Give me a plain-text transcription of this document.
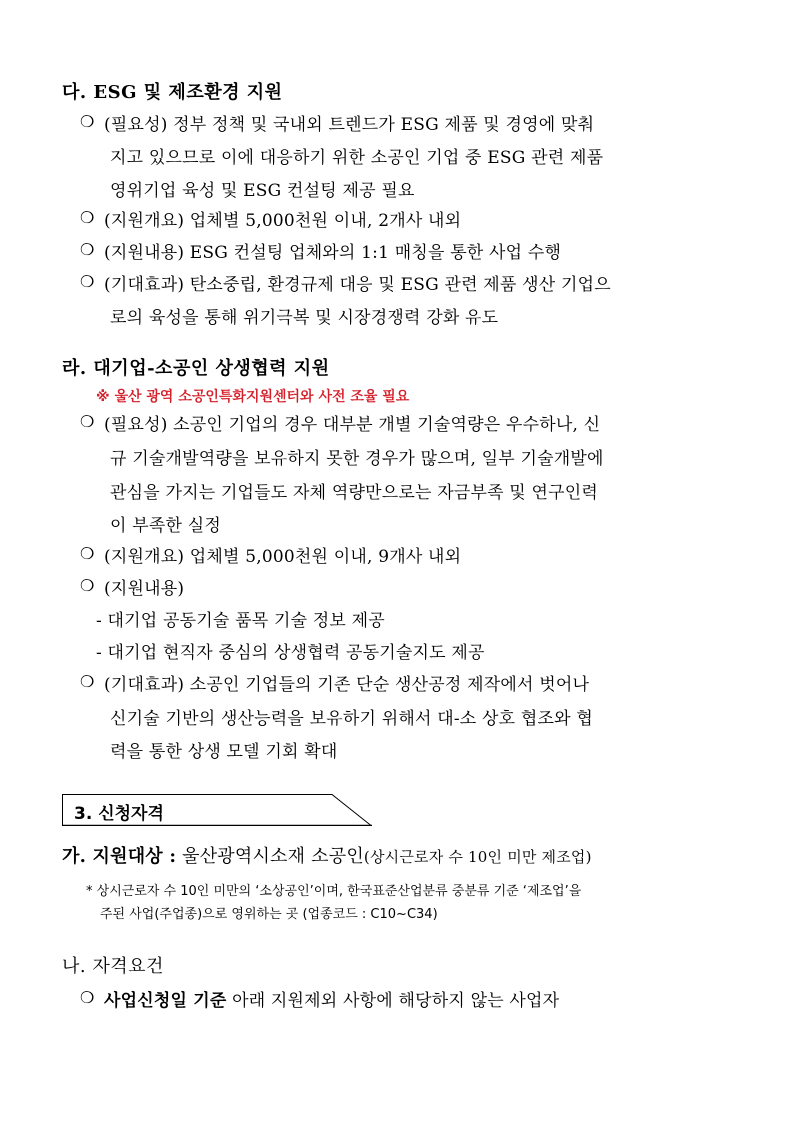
다. ESG 및 제조환경 지원
❍ (필요성) 정부 정책 및 국내외 트렌드가 ESG 제품 및 경영에 맞춰
지고 있으므로 이에 대응하기 위한 소공인 기업 중 ESG 관련 제품
영위기업 육성 및 ESG 컨설팅 제공 필요
❍ (지원개요) 업체별 5,000천원 이내, 2개사 내외
❍ (지원내용) ESG 컨설팅 업체와의 1:1 매칭을 통한 사업 수행
❍ (기대효과) 탄소중립, 환경규제 대응 및 ESG 관련 제품 생산 기업으
로의 육성을 통해 위기극복 및 시장경쟁력 강화 유도
라. 대기업-소공인 상생협력 지원
※ 울산 광역 소공인특화지원센터와 사전 조율 필요
❍ (필요성) 소공인 기업의 경우 대부분 개별 기술역량은 우수하나, 신
규 기술개발역량을 보유하지 못한 경우가 많으며, 일부 기술개발에
관심을 가지는 기업들도 자체 역량만으로는 자금부족 및 연구인력
이 부족한 실정
❍ (지원개요) 업체별 5,000천원 이내, 9개사 내외
❍ (지원내용)
- 대기업 공동기술 품목 기술 정보 제공
- 대기업 현직자 중심의 상생협력 공동기술지도 제공
❍ (기대효과) 소공인 기업들의 기존 단순 생산공정 제작에서 벗어나
신기술 기반의 생산능력을 보유하기 위해서 대-소 상호 협조와 협
력을 통한 상생 모델 기회 확대
3. 신청자격
가. 지원대상 : 울산광역시소재 소공인(상시근로자 수 10인 미만 제조업)
* 상시근로자 수 10인 미만의 ‘소상공인’이며, 한국표준산업분류 중분류 기준 ‘제조업’을
주된 사업(주업종)으로 영위하는 곳 (업종코드 : C10~C34)
나. 자격요건
❍ 사업신청일 기준 아래 지원제외 사항에 해당하지 않는 사업자
